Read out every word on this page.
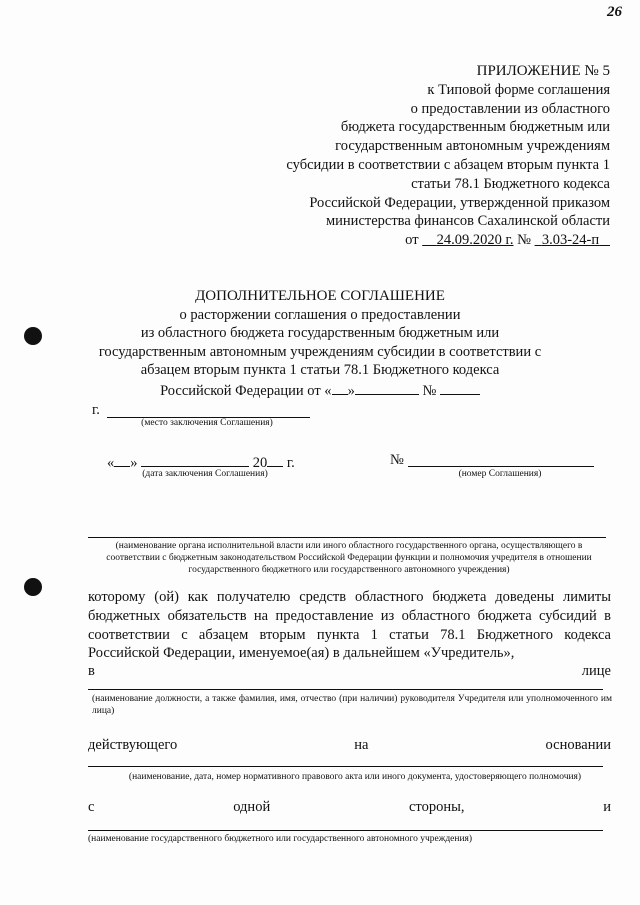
26
ПРИЛОЖЕНИЕ № 5
к Типовой форме соглашения
о предоставлении из областного
бюджета государственным бюджетным или
государственным автономным учреждениям
субсидии в соответствии с абзацем вторым пункта 1
статьи 78.1 Бюджетного кодекса
Российской Федерации, утвержденной приказом
министерства финансов Сахалинской области
от 24.09.2020 г. № 3.03-24-п
ДОПОЛНИТЕЛЬНОЕ СОГЛАШЕНИЕ
о расторжении соглашения о предоставлении
из областного бюджета государственным бюджетным или
государственным автономным учреждениям субсидии в соответствии с
абзацем вторым пункта 1 статьи 78.1 Бюджетного кодекса
Российской Федерации от « »	№
г.
(место заключения Соглашения)
« »	20 г.
(дата заключения Соглашения)
№
(номер Соглашения)
(наименование органа исполнительной власти или иного областного государственного органа, осуществляющего в соответствии с бюджетным законодательством Российской Федерации функции и полномочия учредителя в отношении государственного бюджетного или государственного автономного учреждения)
которому (ой) как получателю средств областного бюджета доведены лимиты бюджетных обязательств на предоставление из областного бюджета субсидий в соответствии с абзацем вторым пункта 1 статьи 78.1 Бюджетного кодекса Российской Федерации, именуемое(ая) в дальнейшем «Учредитель»,
в	лице
(наименование должности, а также фамилия, имя, отчество (при наличии) руководителя Учредителя или уполномоченного им лица)
действующего	на	основании
(наименование, дата, номер нормативного правового акта или иного документа, удостоверяющего полномочия)
с	одной	стороны,	и
(наименование государственного бюджетного или государственного автономного учреждения)
